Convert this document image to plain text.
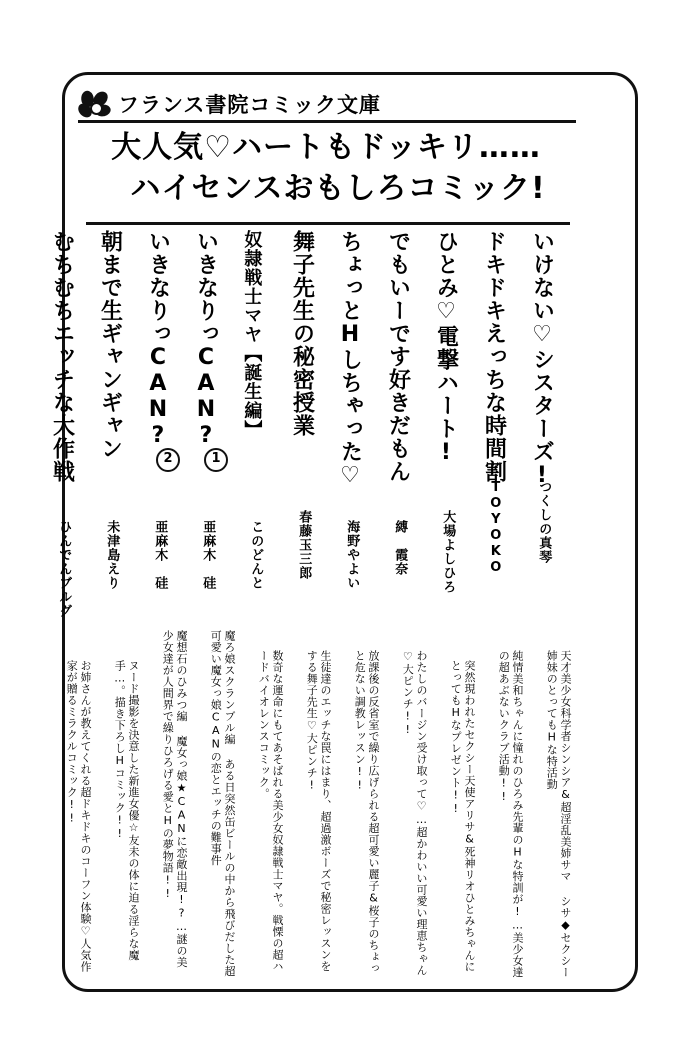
フランス書院コミック文庫
大人気♡ハートもドッキリ……
ハイセンスおもしろコミック!
いけない♡シスターズ!
つくしの真琴
天才美少女科学者シンシア&超淫乱美姉サマ シサ◆セクシー姉妹のとってもHな特活動
ドキドキえっちな時間割
TOYOKO
純情美和ちゃんに憧れのひろみ先輩のHな特訓が!…美少女達の超あぶないクラブ活動!!
ひとみ♡電撃ハート!
大場よしひろ
突然現われたセクシー天使アリサ&死神リオひとみちゃんにとってもHなプレゼント!!
でもいーです好きだもん
縛　霞奈
わたしのバージン受け取って♡…超かわいい可愛い理恵ちゃん♡大ピンチ!!
ちょっとHしちゃった♡
海野やよい
放課後の反省室で繰り広げられる超可愛い麗子&桜子のちょっと危ない調教レッスン!!
舞子先生の秘密授業
春藤玉三郎
生徒達のエッチな罠にはまり、超過激ボーズで秘密レッスンをする舞子先生♡大ピンチ!
奴隷戦士マヤ【誕生編】
このどんと
数奇な運命にもてあそばれる美少女奴隷戦士マヤ。戦慄の超ハードバイオレンスコミック。
いきなりっCAN?
1
亜麻木　硅
魔ろ娘スクランブル編 ある日突然缶ビールの中から飛びだした超可愛い魔女っ娘CANの恋とエッチの難事件
いきなりっCAN?
2
亜麻木　硅
魔想石のひみつ編 魔女っ娘★CANに恋敵出現!?…謎の美少女達が人間界で繰りひろげる愛とHの夢物語!!
朝まで生ギャンギャン
未津島えり
ヌード撮影を決意した新進女優☆友未の体に迫る淫らな魔手…。描き下ろしHコミック!!
むちむちエッチな大作戦
ひんでんブルグ
お姉さんが教えてくれる超ドキドキのコーフン体験♡人気作家が贈るミラクルコミック!!
